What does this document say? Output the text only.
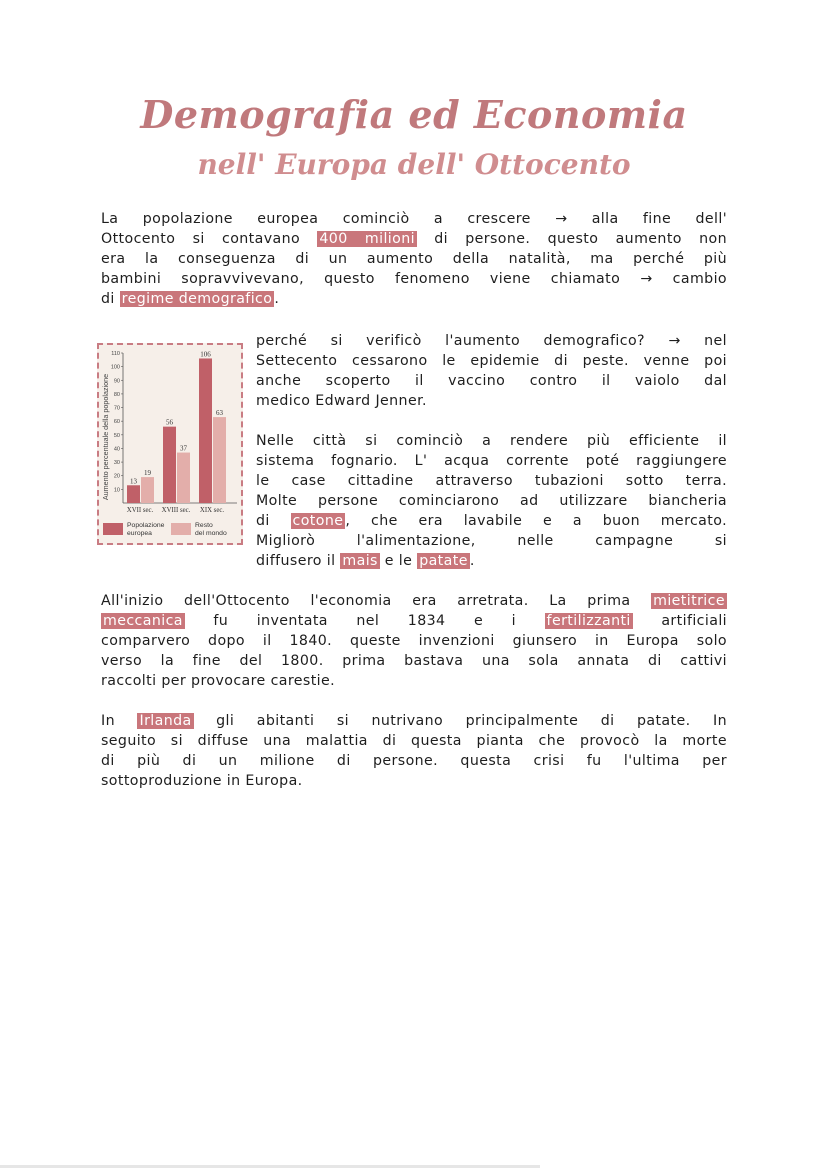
Demografia ed Economia
nell' Europa dell' Ottocento
La popolazione europea cominciò a crescere → alla fine dell'
Ottocento si contavano 400 milioni di persone. questo aumento non
era la conseguenza di un aumento della natalità, ma perché più
bambini sopravvivevano, questo fenomeno viene chiamato → cambio
di regime demografico .
Aumento percentuale della popolazione 10
20
30
40
50
60
70
80
90
100
110
13
19
XVII sec.
56
37
XVIII sec.
106
63
XIX sec.
Popolazione
europea
Resto
del mondo
perché si verificò l'aumento demografico? → nel
Settecento cessarono le epidemie di peste. venne poi
anche scoperto il vaccino contro il vaiolo dal
medico Edward Jenner.
Nelle città si cominciò a rendere più efficiente il
sistema fognario. L' acqua corrente poté raggiungere
le case cittadine attraverso tubazioni sotto terra.
Molte persone cominciarono ad utilizzare biancheria
di cotone , che era lavabile e a buon mercato.
Migliorò l'alimentazione, nelle campagne si
diffusero il mais e le patate .
All'inizio dell'Ottocento l'economia era arretrata. La prima mietitrice
meccanica fu inventata nel 1834 e i fertilizzanti artificiali
comparvero dopo il 1840. queste invenzioni giunsero in Europa solo
verso la fine del 1800. prima bastava una sola annata di cattivi
raccolti per provocare carestie.
In Irlanda gli abitanti si nutrivano principalmente di patate. In
seguito si diffuse una malattia di questa pianta che provocò la morte
di più di un milione di persone. questa crisi fu l'ultima per
sottoproduzione in Europa.
